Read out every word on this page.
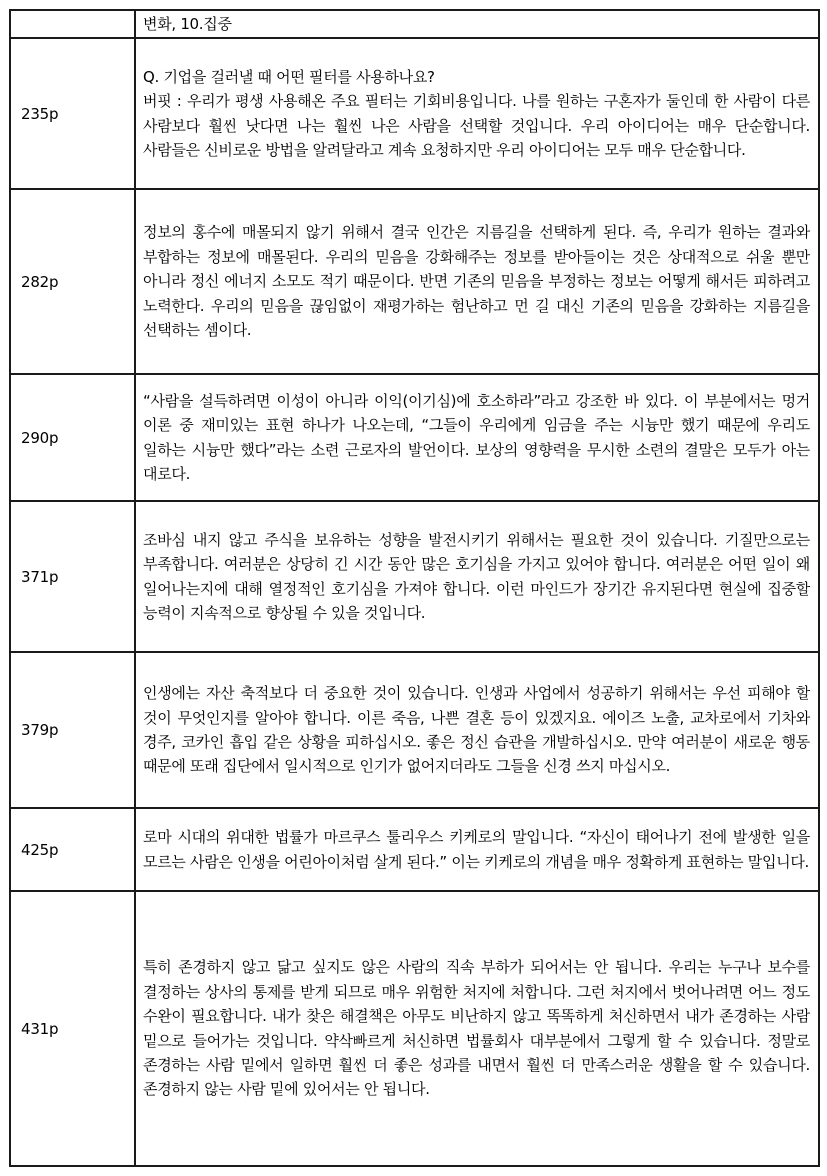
	변화, 10.집중
235p	Q. 기업을 걸러낼 때 어떤 필터를 사용하나요?
버핏 : 우리가 평생 사용해온 주요 필터는 기회비용입니다. 나를 원하는 구혼자가 둘인데 한 사람이 다른 사람보다 훨씬 낫다면 나는 훨씬 나은 사람을 선택할 것입니다. 우리 아이디어는 매우 단순합니다. 사람들은 신비로운 방법을 알려달라고 계속 요청하지만 우리 아이디어는 모두 매우 단순합니다.

282p	정보의 홍수에 매몰되지 않기 위해서 결국 인간은 지름길을 선택하게 된다. 즉, 우리가 원하는 결과와 부합하는 정보에 매몰된다. 우리의 믿음을 강화해주는 정보를 받아들이는 것은 상대적으로 쉬울 뿐만 아니라 정신 에너지 소모도 적기 때문이다. 반면 기존의 믿음을 부정하는 정보는 어떻게 해서든 피하려고 노력한다. 우리의 믿음을 끊임없이 재평가하는 험난하고 먼 길 대신 기존의 믿음을 강화하는 지름길을 선택하는 셈이다.

290p	“사람을 설득하려면 이성이 아니라 이익(이기심)에 호소하라”라고 강조한 바 있다. 이 부분에서는 멍거 이론 중 재미있는 표현 하나가 나오는데, “그들이 우리에게 임금을 주는 시늉만 했기 때문에 우리도 일하는 시늉만 했다”라는 소련 근로자의 발언이다. 보상의 영향력을 무시한 소련의 결말은 모두가 아는 대로다.

371p	조바심 내지 않고 주식을 보유하는 성향을 발전시키기 위해서는 필요한 것이 있습니다. 기질만으로는 부족합니다. 여러분은 상당히 긴 시간 동안 많은 호기심을 가지고 있어야 합니다. 여러분은 어떤 일이 왜 일어나는지에 대해 열정적인 호기심을 가져야 합니다. 이런 마인드가 장기간 유지된다면 현실에 집중할 능력이 지속적으로 향상될 수 있을 것입니다.

379p	인생에는 자산 축적보다 더 중요한 것이 있습니다. 인생과 사업에서 성공하기 위해서는 우선 피해야 할 것이 무엇인지를 알아야 합니다. 이른 죽음, 나쁜 결혼 등이 있겠지요. 에이즈 노출, 교차로에서 기차와 경주, 코카인 흡입 같은 상황을 피하십시오. 좋은 정신 습관을 개발하십시오. 만약 여러분이 새로운 행동 때문에 또래 집단에서 일시적으로 인기가 없어지더라도 그들을 신경 쓰지 마십시오.

425p	로마 시대의 위대한 법률가 마르쿠스 툴리우스 키케로의 말입니다. “자신이 태어나기 전에 발생한 일을 모르는 사람은 인생을 어린아이처럼 살게 된다.” 이는 키케로의 개념을 매우 정확하게 표현하는 말입니다.

431p	특히 존경하지 않고 닮고 싶지도 않은 사람의 직속 부하가 되어서는 안 됩니다. 우리는 누구나 보수를 결정하는 상사의 통제를 받게 되므로 매우 위험한 처지에 처합니다. 그런 처지에서 벗어나려면 어느 정도 수완이 필요합니다. 내가 찾은 해결책은 아무도 비난하지 않고 똑똑하게 처신하면서 내가 존경하는 사람 밑으로 들어가는 것입니다. 약삭빠르게 처신하면 법률회사 대부분에서 그렇게 할 수 있습니다. 정말로 존경하는 사람 밑에서 일하면 훨씬 더 좋은 성과를 내면서 훨씬 더 만족스러운 생활을 할 수 있습니다. 존경하지 않는 사람 밑에 있어서는 안 됩니다.
